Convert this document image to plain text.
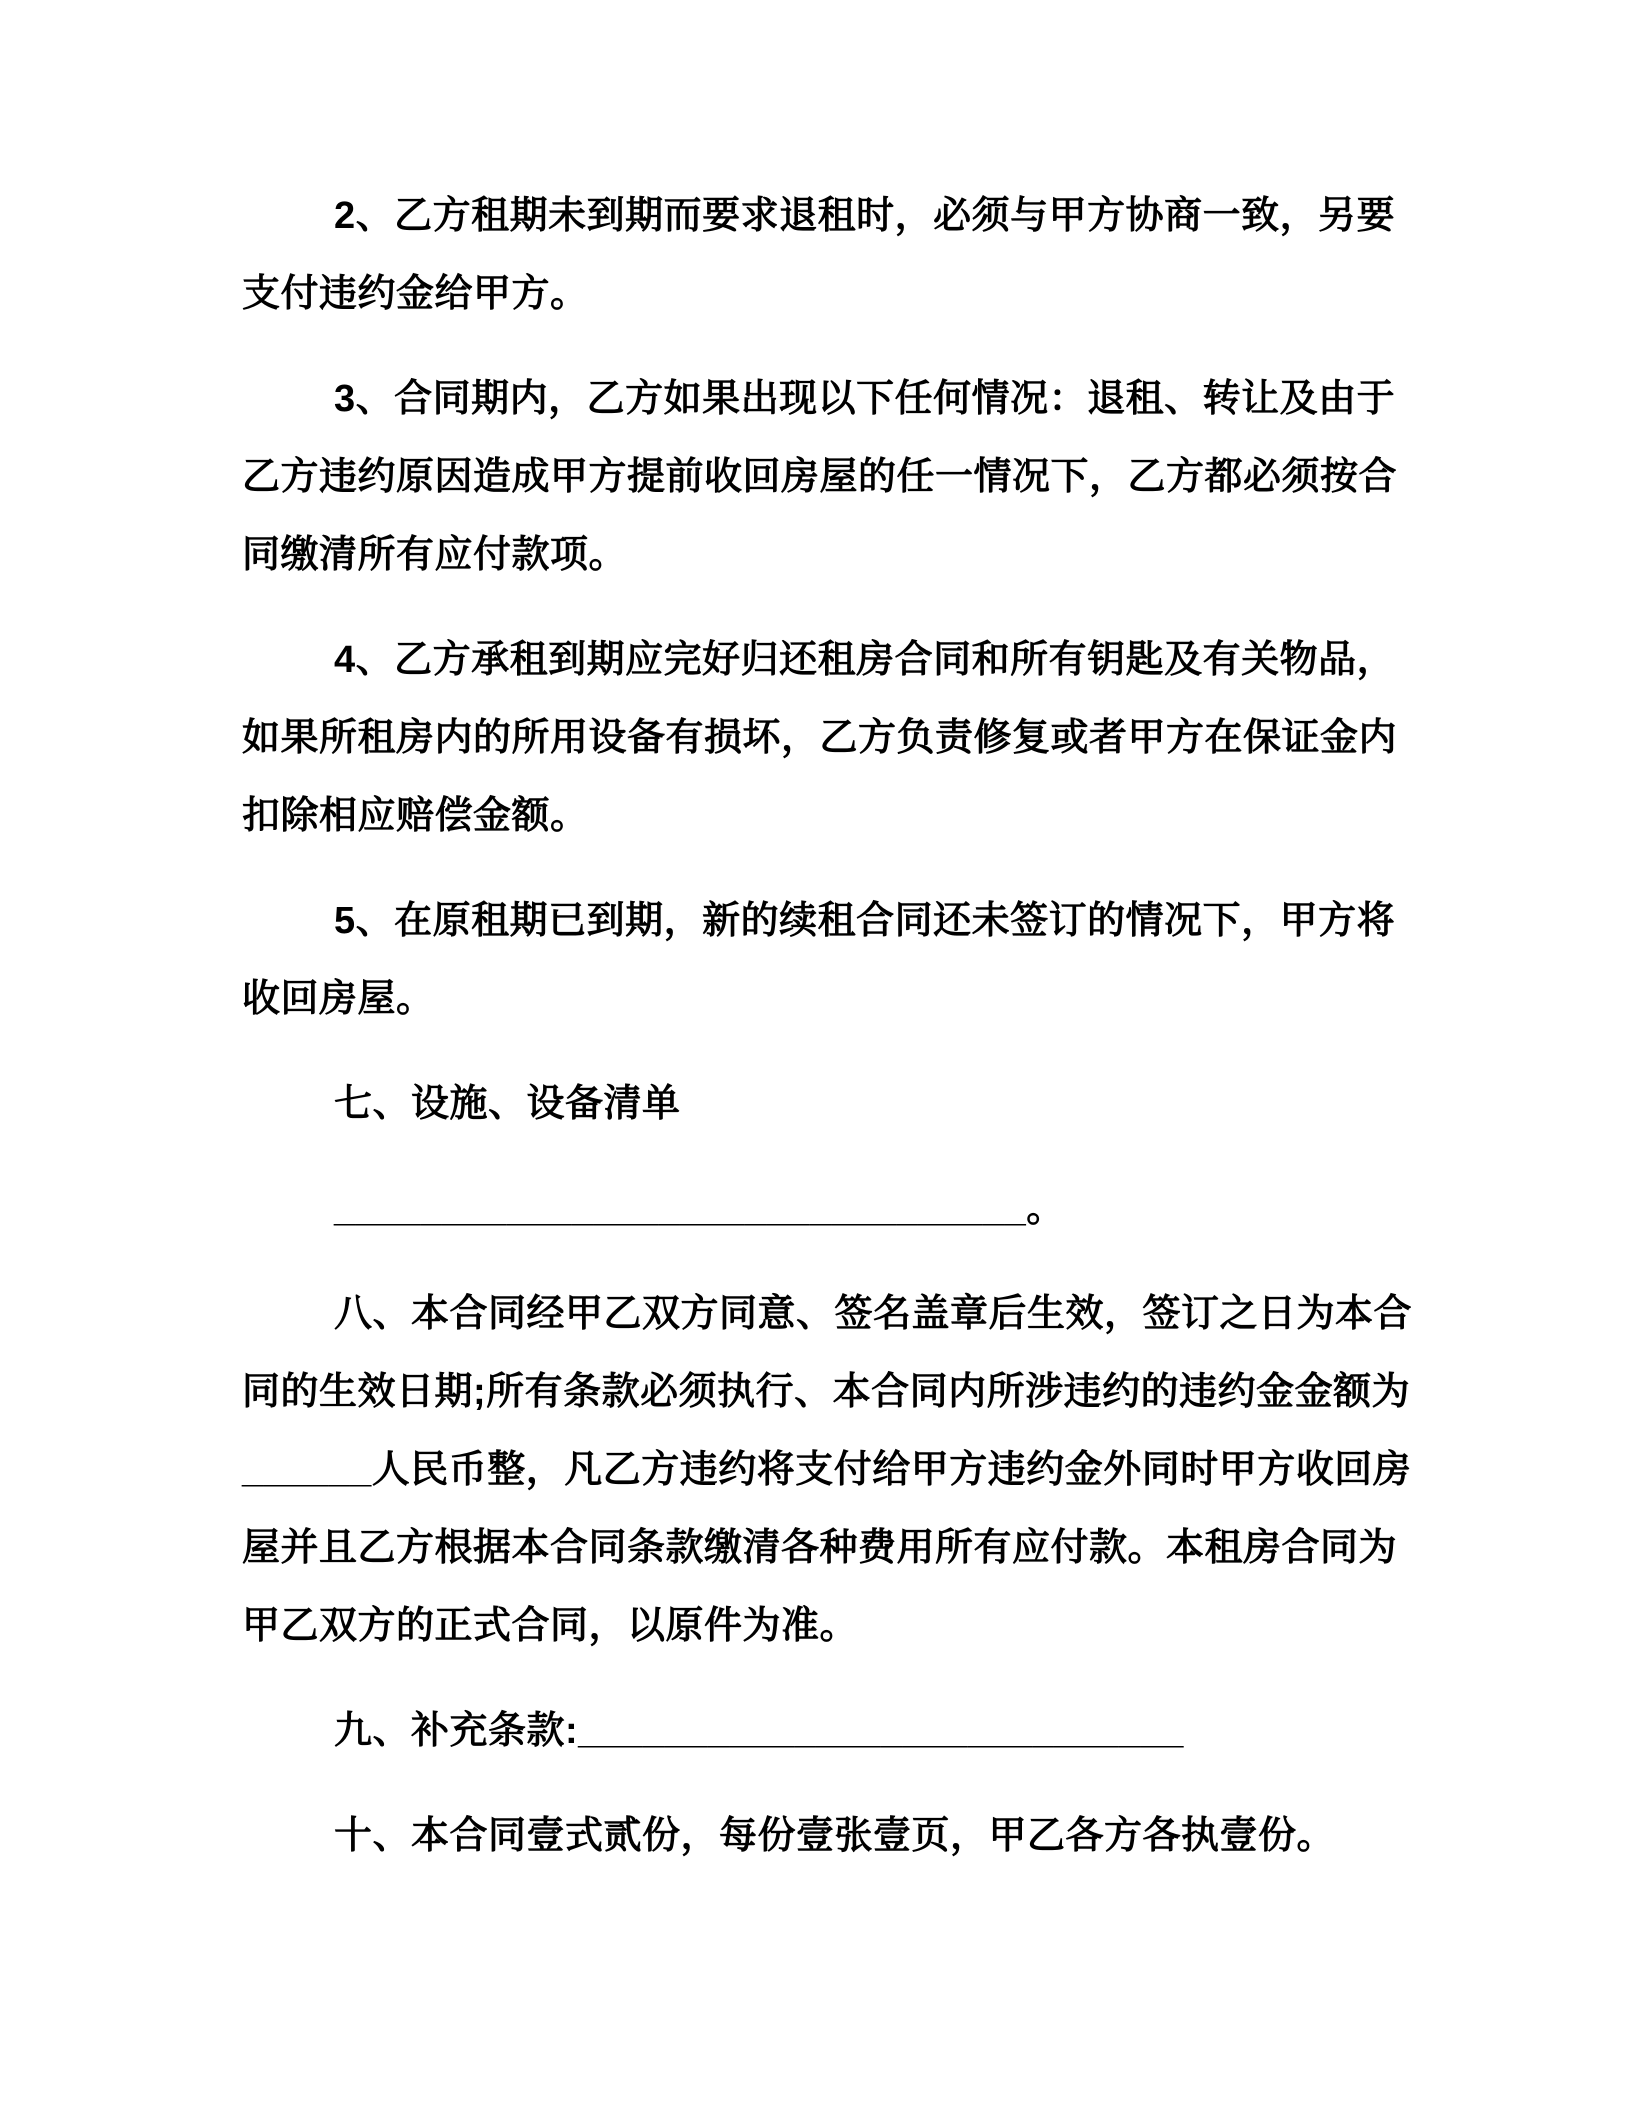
2、乙方租期未到期而要求退租时，必须与甲方协商一致，另要
支付违约金给甲方。
3、合同期内，乙方如果出现以下任何情况：退租、转让及由于
乙方违约原因造成甲方提前收回房屋的任一情况下，乙方都必须按合
同缴清所有应付款项。
4、乙方承租到期应完好归还租房合同和所有钥匙及有关物品，
如果所租房内的所用设备有损坏，乙方负责修复或者甲方在保证金内
扣除相应赔偿金额。
5、在原租期已到期，新的续租合同还未签订的情况下，甲方将
收回房屋。
七、设施、设备清单
________________________________。
八、本合同经甲乙双方同意、签名盖章后生效，签订之日为本合
同的生效日期;所有条款必须执行、本合同内所涉违约的违约金金额为
______人民币整，凡乙方违约将支付给甲方违约金外同时甲方收回房
屋并且乙方根据本合同条款缴清各种费用所有应付款。本租房合同为
甲乙双方的正式合同，以原件为准。
九、补充条款:____________________________
十、本合同壹式贰份，每份壹张壹页，甲乙各方各执壹份。
